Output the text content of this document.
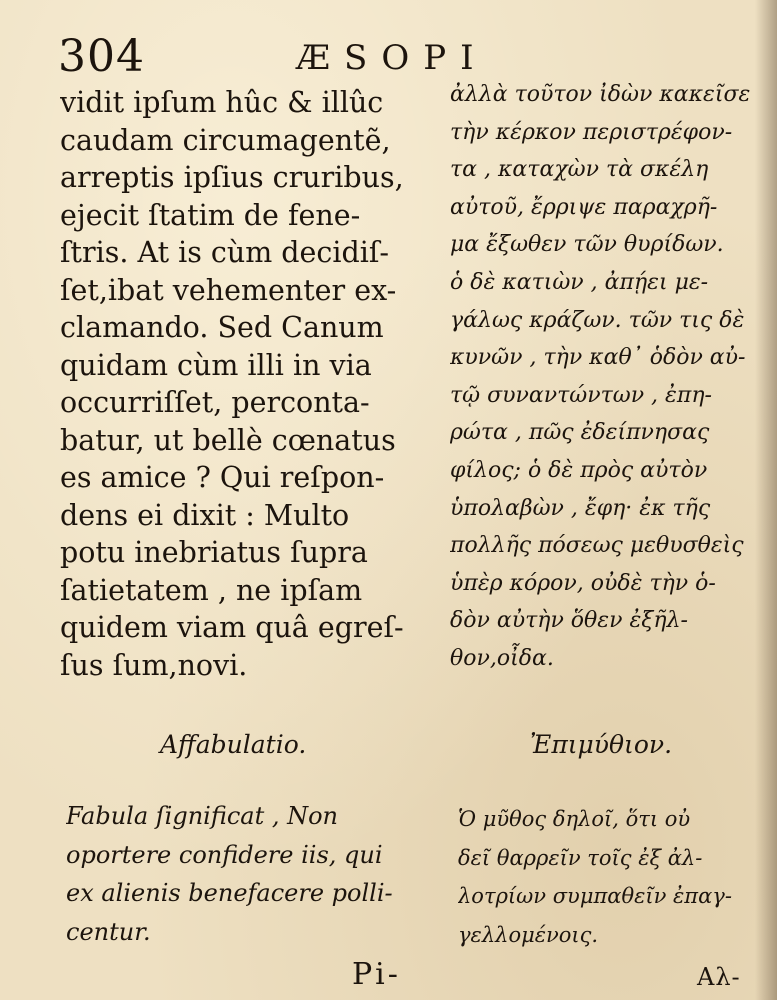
304	ÆSOPI
vidit ipſum hûc & illûc
caudam circumagentẽ,
arreptis ipſius cruribus,
ejecit ſtatim de fene-
ſtris. At is cùm decidiſ-
ſet,ibat vehementer ex-
clamando. Sed Canum
quidam cùm illi in via
occurriſſet, perconta-
batur, ut bellè cœnatus
es amice ? Qui reſpon-
dens ei dixit : Multo
potu inebriatus ſupra
ſatietatem , ne ipſam
quidem viam quâ egreſ-
ſus ſum,novi.
ἀλλὰ τοῦτον ἰδὼν κακεῖσε
τὴν κέρκον περιστρέφον-
τα , καταχὼν τὰ σκέλη
αὐτοῦ, ἔρριψε παραχρῆ-
μα ἔξωθεν τῶν θυρίδων.
ὁ δὲ κατιὼν , ἀπῄει με-
γάλως κράζων. τῶν τις δὲ
κυνῶν , τὴν καθ᾽ ὁδὸν αὐ-
τῷ συναντώντων , ἐπη-
ρώτα , πῶς ἐδείπνησας
φίλος; ὁ δὲ πρὸς αὐτὸν
ὑπολαβὼν , ἔφη· ἐκ τῆς
πολλῆς πόσεως μεθυσθεὶς
ὑπὲρ κόρον, οὐδὲ τὴν ὁ-
δὸν αὐτὴν ὅθεν ἐξῆλ-
θον,οἶδα.
Affabulatio.	Ἐπιμύθιον.
Fabula ſignificat , Non
oportere confidere iis, qui
ex alienis benefacere polli-
centur.
Ὁ μῦθος δηλοῖ, ὅτι οὐ
δεῖ θαρρεῖν τοῖς ἐξ ἀλ-
λοτρίων συμπαθεῖν ἐπαγ-
γελλομένοις.
Pi-	Αλ-
